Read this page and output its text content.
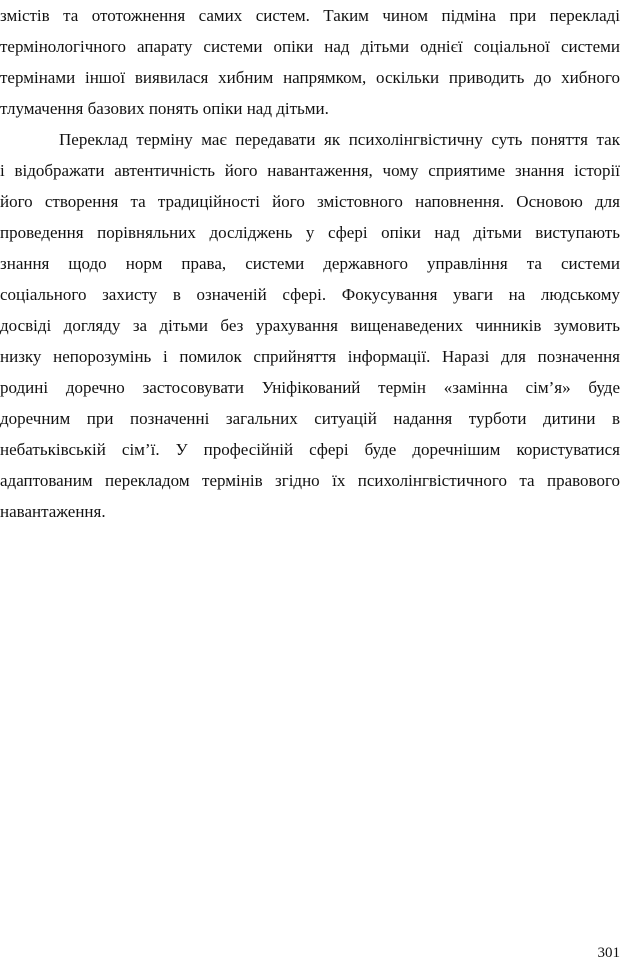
змістів та ототожнення самих систем. Таким чином підміна при перекладі
термінологічного апарату системи опіки над дітьми однієї соціальної системи
термінами іншої виявилася хибним напрямком, оскільки приводить до хибного
тлумачення базових понять опіки над дітьми.
Переклад терміну має передавати як психолінгвістичну суть поняття так
і відображати автентичність його навантаження, чому сприятиме знання історії
його створення та традиційності його змістовного наповнення. Основою для
проведення порівняльних досліджень у сфері опіки над дітьми виступають
знання щодо норм права, системи державного управління та системи
соціального захисту в означеній сфері. Фокусування уваги на людському
досвіді догляду за дітьми без урахування вищенаведених чинників зумовить
низку непорозумінь і помилок сприйняття інформації. Наразі для позначення
родині доречно застосовувати Уніфікований термін «замінна сім’я» буде
доречним при позначенні загальних ситуацій надання турботи дитини в
небатьківській сім’ї. У професійній сфері буде доречнішим користуватися
адаптованим перекладом термінів згідно їх психолінгвістичного та правового
навантаження.
301
